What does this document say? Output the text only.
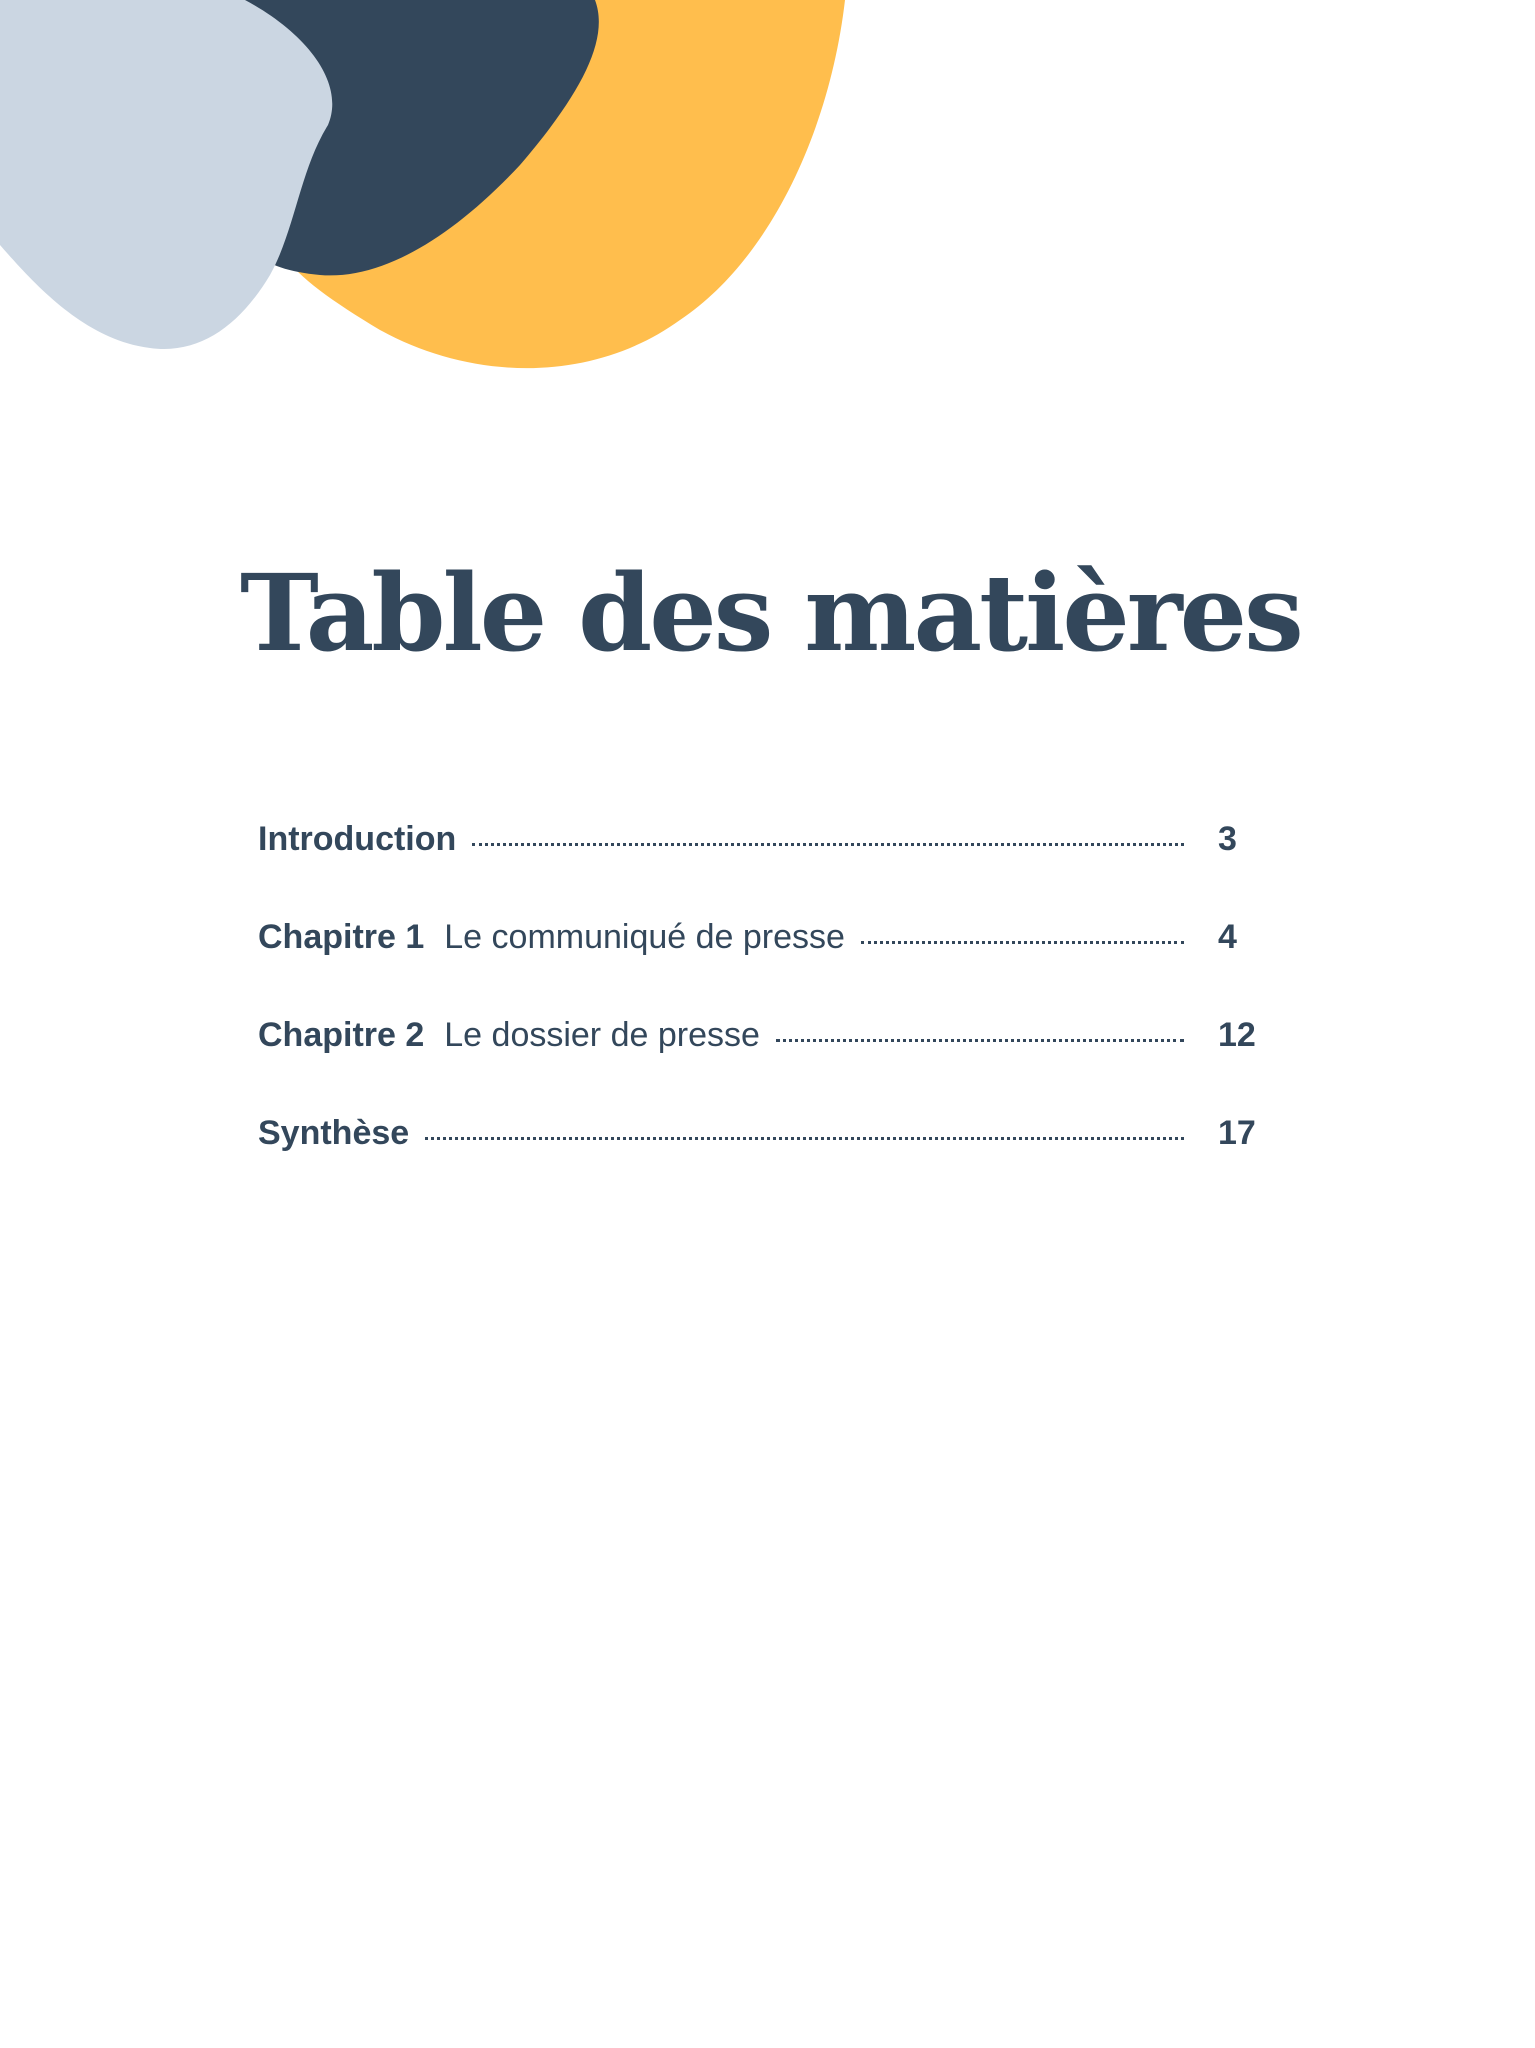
Table des matières
Introduction	3
Chapitre 1 Le communiqué de presse	4
Chapitre 2 Le dossier de presse	12
Synthèse	17
